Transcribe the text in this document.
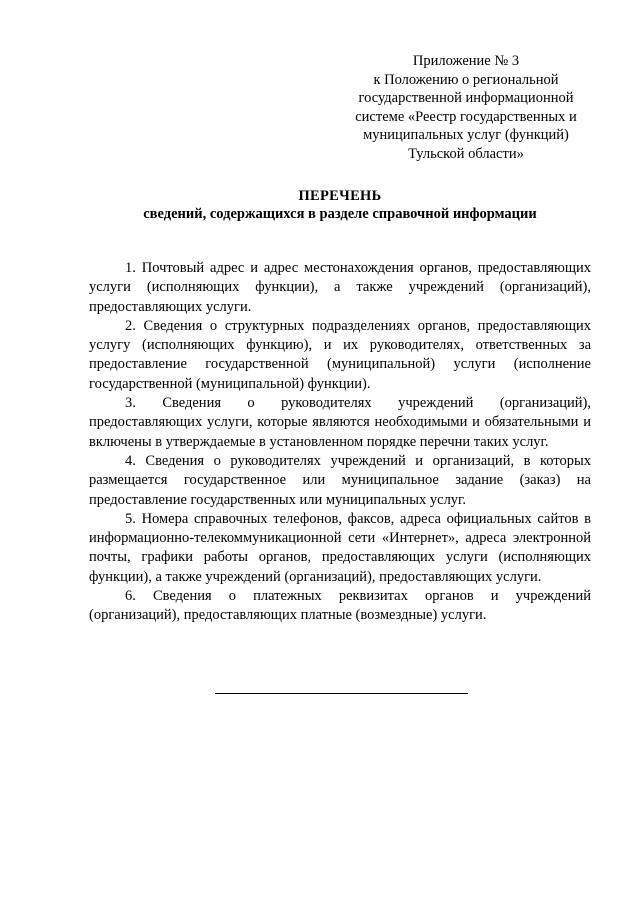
Приложение № 3
к Положению о региональной
государственной информационной
системе «Реестр государственных и
муниципальных услуг (функций)
Тульской области»
ПЕРЕЧЕНЬ
сведений, содержащихся в разделе справочной информации

1. Почтовый адрес и адрес местонахождения органов, предоставляющих услуги (исполняющих функции), а также учреждений (организаций), предоставляющих услуги.

2. Сведения о структурных подразделениях органов, предоставляющих услугу (исполняющих функцию), и их руководителях, ответственных за предоставление государственной (муниципальной) услуги (исполнение государственной (муниципальной) функции).

3. Сведения о руководителях учреждений (организаций), предоставляющих услуги, которые являются необходимыми и обязательными и включены в утверждаемые в установленном порядке перечни таких услуг.

4. Сведения о руководителях учреждений и организаций, в которых размещается государственное или муниципальное задание (заказ) на предоставление государственных или муниципальных услуг.

5. Номера справочных телефонов, факсов, адреса официальных сайтов в информационно-телекоммуникационной сети «Интернет», адреса электронной почты, графики работы органов, предоставляющих услуги (исполняющих функции), а также учреждений (организаций), предоставляющих услуги.

6. Сведения о платежных реквизитах органов и учреждений (организаций), предоставляющих платные (возмездные) услуги.
